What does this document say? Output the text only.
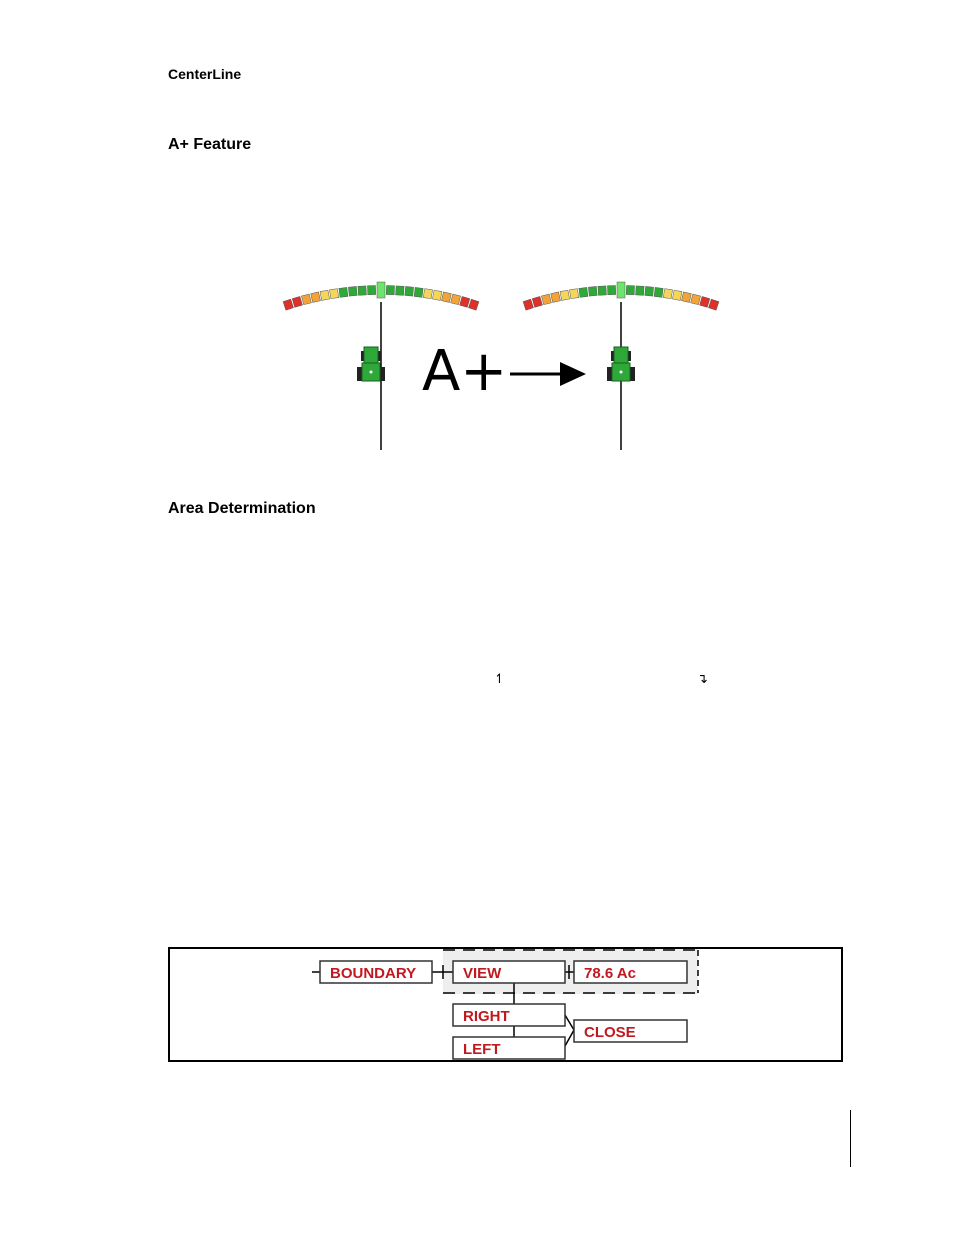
CenterLine
A+ Feature
A+
Area Determination
↿	↴
BOUNDARY	VIEW	78.6 Ac
RIGHT
LEFT
CLOSE
